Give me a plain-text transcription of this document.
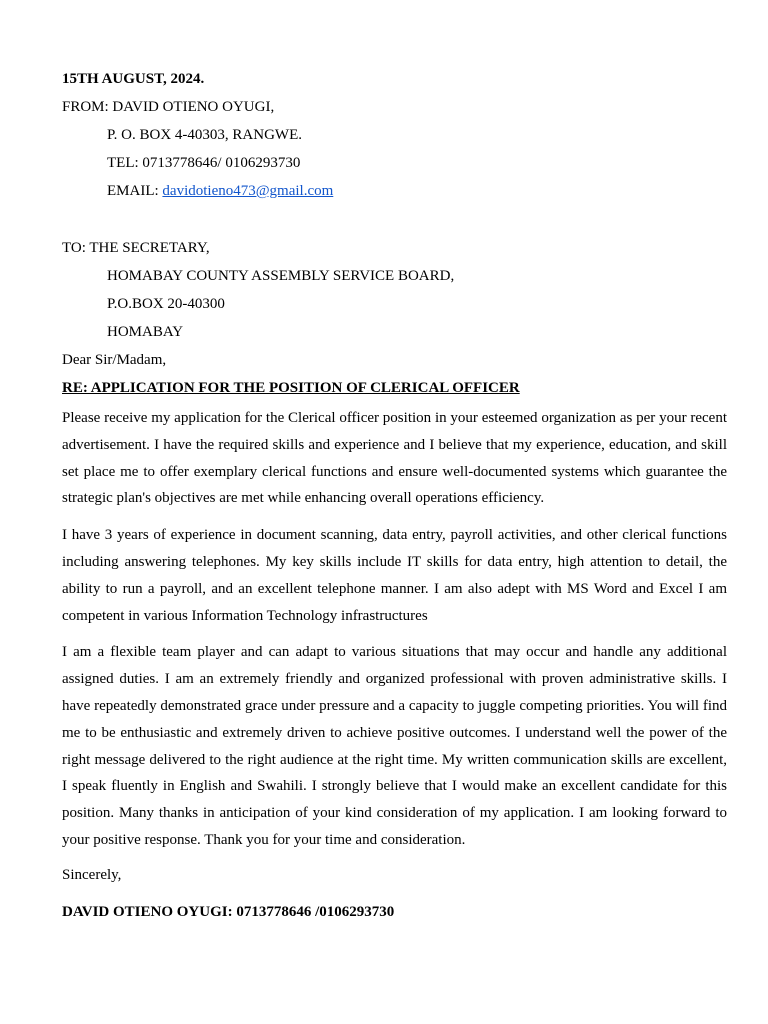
15TH AUGUST, 2024.
FROM: DAVID OTIENO OYUGI,
P. O. BOX 4-40303, RANGWE.
TEL: 0713778646/ 0106293730
EMAIL: davidotieno473@gmail.com
TO: THE SECRETARY,
HOMABAY COUNTY ASSEMBLY SERVICE BOARD,
P.O.BOX 20-40300
HOMABAY
Dear Sir/Madam,
RE: APPLICATION FOR THE POSITION OF CLERICAL OFFICER

Please receive my application for the Clerical officer position in your esteemed organization as per your recent advertisement. I have the required skills and experience and I believe that my experience, education, and skill set place me to offer exemplary clerical functions and ensure well-documented systems which guarantee the strategic plan's objectives are met while enhancing overall operations efficiency.

I have 3 years of experience in document scanning, data entry, payroll activities, and other clerical functions including answering telephones. My key skills include IT skills for data entry, high attention to detail, the ability to run a payroll, and an excellent telephone manner. I am also adept with MS Word and Excel I am competent in various Information Technology infrastructures

I am a flexible team player and can adapt to various situations that may occur and handle any additional assigned duties. I am an extremely friendly and organized professional with proven administrative skills. I have repeatedly demonstrated grace under pressure and a capacity to juggle competing priorities. You will find me to be enthusiastic and extremely driven to achieve positive outcomes. I understand well the power of the right message delivered to the right audience at the right time. My written communication skills are excellent, I speak fluently in English and Swahili. I strongly believe that I would make an excellent candidate for this position. Many thanks in anticipation of your kind consideration of my application. I am looking forward to your positive response. Thank you for your time and consideration.

Sincerely,
DAVID OTIENO OYUGI: 0713778646 /0106293730
